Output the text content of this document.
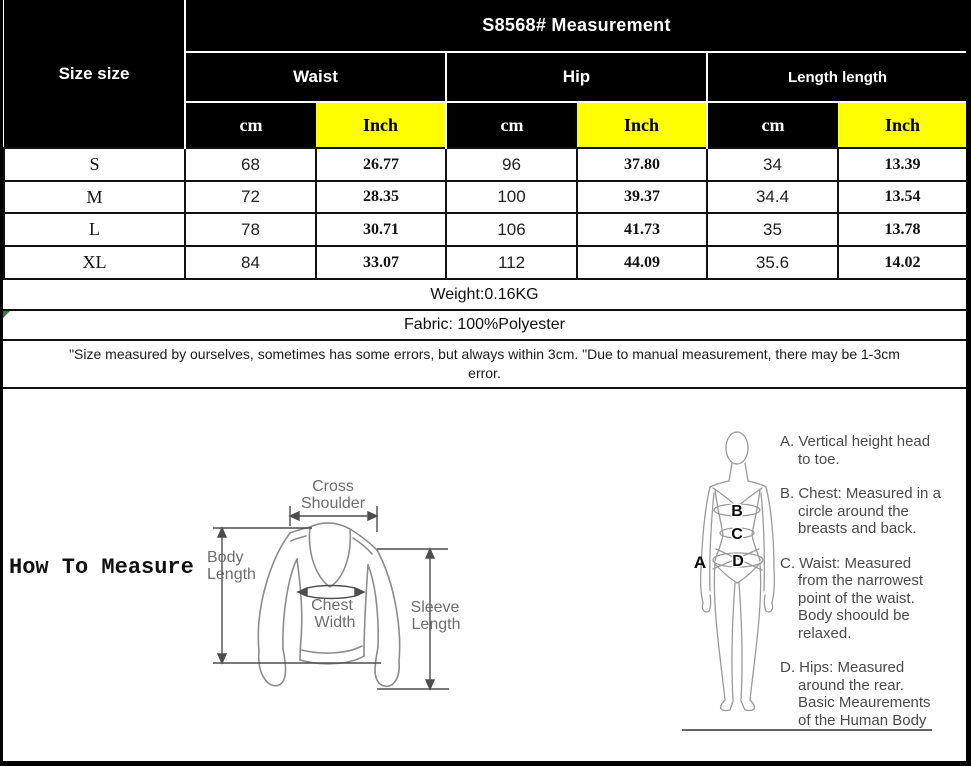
Size size	S8568# Measurement					
	Waist		Hip		Length length	
	cm	Inch	cm	Inch	cm	Inch
S	68	26.77	96	37.80	34	13.39
M	72	28.35	100	39.37	34.4	13.54
L	78	30.71	106	41.73	35	13.78
XL	84	33.07	112	44.09	35.6	14.02
Weight:0.16KG
Fabric: 100%Polyester
"Size measured by ourselves, sometimes has some errors, but always within 3cm. "Due to manual measurement, there may be 1-3cm
error.
Cross
Shoulder
Body
Length
Chest
Width
Sleeve
Length
A
B
C
D
How To Measure
A. Vertical height head
to toe.
B. Chest: Measured in a
circle around the
breasts and back.
C. Waist: Measured
from the narrowest
point of the waist.
Body shoould be
relaxed.
D. Hips: Measured
around the rear.
Basic Meaurements
of the Human Body
